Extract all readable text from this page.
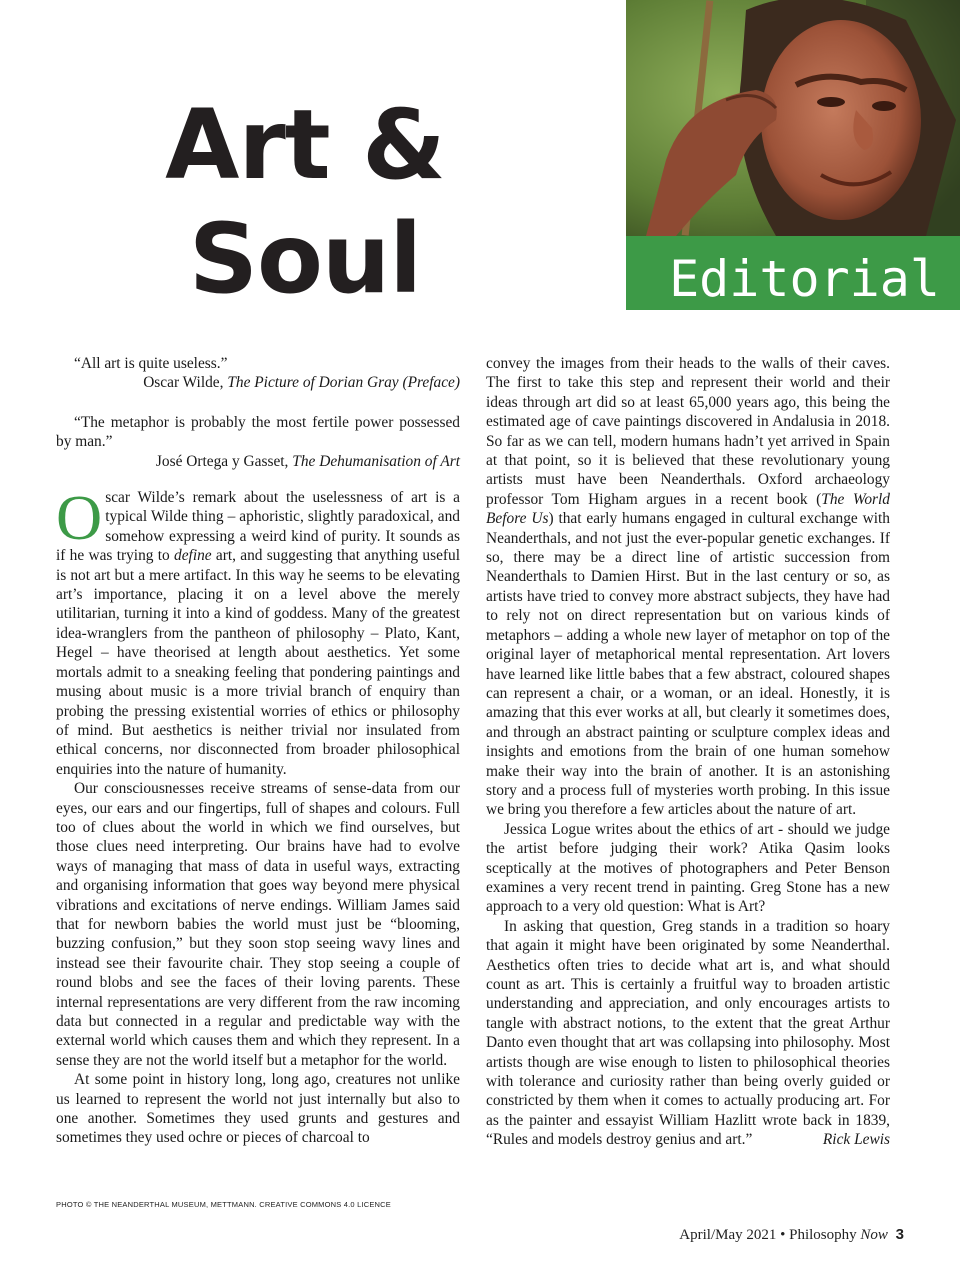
Art &
Soul	Editorial

“All art is quite useless.”

Oscar Wilde, The Picture of Dorian Gray (Preface)

“The metaphor is probably the most fertile power possessed by man.”

José Ortega y Gasset, The Dehumanisation of Art

Oscar Wilde’s remark about the uselessness of art is a typical Wilde thing – aphoristic, slightly paradoxical, and somehow expressing a weird kind of purity. It sounds as if he was trying to define art, and suggesting that anything useful is not art but a mere artifact. In this way he seems to be elevating art’s importance, placing it on a level above the merely utilitarian, turning it into a kind of goddess. Many of the greatest idea-wranglers from the pantheon of philosophy – Plato, Kant, Hegel – have theorised at length about aesthetics. Yet some mortals admit to a sneaking feeling that pondering paintings and musing about music is a more trivial branch of enquiry than probing the pressing existential worries of ethics or philosophy of mind. But aesthetics is neither trivial nor insulated from ethical concerns, nor disconnected from broader philosophical enquiries into the nature of humanity.

Our consciousnesses receive streams of sense-data from our eyes, our ears and our fingertips, full of shapes and colours. Full too of clues about the world in which we find ourselves, but those clues need interpreting. Our brains have had to evolve ways of managing that mass of data in useful ways, extracting and organising information that goes way beyond mere physical vibrations and excitations of nerve endings. William James said that for newborn babies the world must just be “blooming, buzzing confusion,” but they soon stop seeing wavy lines and instead see their favourite chair. They stop seeing a couple of round blobs and see the faces of their loving parents. These internal representations are very different from the raw incoming data but connected in a regular and predictable way with the external world which causes them and which they represent. In a sense they are not the world itself but a metaphor for the world.

At some point in history long, long ago, creatures not unlike us learned to represent the world not just internally but also to one another. Sometimes they used grunts and gestures and sometimes they used ochre or pieces of charcoal to

convey the images from their heads to the walls of their caves. The first to take this step and represent their world and their ideas through art did so at least 65,000 years ago, this being the estimated age of cave paintings discovered in Andalusia in 2018. So far as we can tell, modern humans hadn’t yet arrived in Spain at that point, so it is believed that these revolutionary young artists must have been Neanderthals. Oxford archaeology professor Tom Higham argues in a recent book (The World Before Us) that early humans engaged in cultural exchange with Neanderthals, and not just the ever-popular genetic exchanges. If so, there may be a direct line of artistic succession from Neanderthals to Damien Hirst. But in the last century or so, as artists have tried to convey more abstract subjects, they have had to rely not on direct representation but on various kinds of metaphors – adding a whole new layer of metaphor on top of the original layer of metaphorical mental representation. Art lovers have learned like little babes that a few abstract, coloured shapes can represent a chair, or a woman, or an ideal. Honestly, it is amazing that this ever works at all, but clearly it sometimes does, and through an abstract painting or sculpture complex ideas and insights and emotions from the brain of one human somehow make their way into the brain of another. It is an astonishing story and a process full of mysteries worth probing. In this issue we bring you therefore a few articles about the nature of art.

Jessica Logue writes about the ethics of art - should we judge the artist before judging their work? Atika Qasim looks sceptically at the motives of photographers and Peter Benson examines a very recent trend in painting. Greg Stone has a new approach to a very old question: What is Art?

In asking that question, Greg stands in a tradition so hoary that again it might have been originated by some Neanderthal. Aesthetics often tries to decide what art is, and what should count as art. This is certainly a fruitful way to broaden artistic understanding and appreciation, and only encourages artists to tangle with abstract notions, to the extent that the great Arthur Danto even thought that art was collapsing into philosophy. Most artists though are wise enough to listen to philosophical theories with tolerance and curiosity rather than being overly guided or constricted by them when it comes to actually producing art. For as the painter and essayist William Hazlitt wrote back in 1839, “Rules and models destroy genius and art.”	Rick Lewis

PHOTO © THE NEANDERTHAL MUSEUM, METTMANN. CREATIVE COMMONS 4.0 LICENCE
April/May 2021 • Philosophy Now 3
